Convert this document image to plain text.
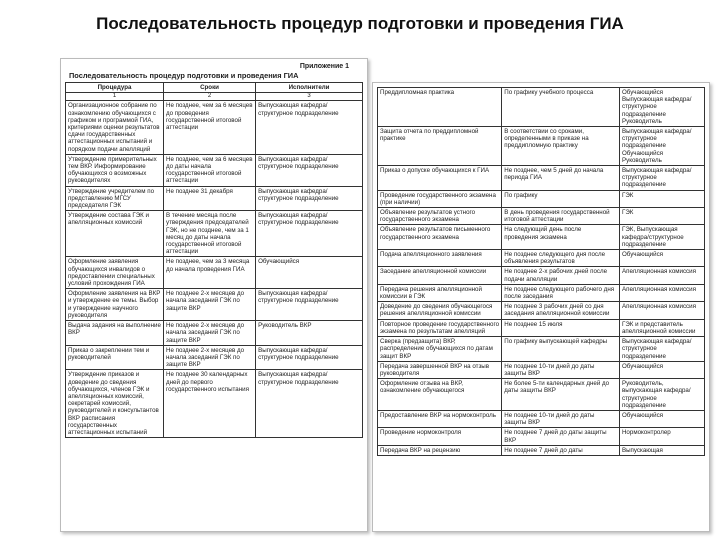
Последовательность процедур подготовки и проведения ГИА
Приложение 1
Последовательность процедур подготовки и проведения ГИА
Процедура	Сроки	Исполнители
1	2	3
Организационное собрание по ознакомлению обучающихся с графиком и программой ГИА, критериями оценки результатов сдачи государственных аттестационных испытаний и порядком подачи апелляций	Не позднее, чем за 6 месяцев до проведения государственной итоговой аттестации	Выпускающая кафедра/структурное подразделение
Утверждение примерительных тем ВКР. Информирование обучающихся о возможных руководителях	Не позднее, чем за 6 месяцев до даты начала государственной итоговой аттестации	Выпускающая кафедра/структурное подразделение
Утверждение учредителем по представлению МГСУ председателя ГЭК	Не позднее 31 декабря	Выпускающая кафедра/структурное подразделение
Утверждение состава ГЭК и апелляционных комиссий	В течение месяца после утверждения председателей ГЭК, но не позднее, чем за 1 месяц до даты начала государственной итоговой аттестации	Выпускающая кафедра/структурное подразделение
Оформление заявления обучающихся инвалидов о предоставлении специальных условий прохождения ГИА	Не позднее, чем за 3 месяца до начала проведения ГИА	Обучающийся
Оформление заявления на ВКР и утверждение ее темы. Выбор и утверждение научного руководителя	Не позднее 2-х месяцев до начала заседаний ГЭК по защите ВКР	Выпускающая кафедра/структурное подразделение
Выдача задания на выполнение ВКР	Не позднее 2-х месяцев до начала заседаний ГЭК по защите ВКР	Руководитель ВКР
Приказ о закреплении тем и руководителей	Не позднее 2-х месяцев до начала заседаний ГЭК по защите ВКР	Выпускающая кафедра/структурное подразделение
Утверждение приказов и доведение до сведения обучающихся, членов ГЭК и апелляционных комиссий, секретарей комиссий, руководителей и консультантов ВКР расписания государственных аттестационных испытаний	Не позднее 30 календарных дней до первого государственного испытания	Выпускающая кафедра/структурное подразделение
Преддипломная практика	По графику учебного процесса	Обучающийся Выпускающая кафедра/структурное подразделение Руководитель
Защита отчета по преддипломной практике	В соответствии со сроками, определенными в приказе на преддипломную практику	Выпускающая кафедра/структурное подразделение Обучающийся Руководитель
Приказ о допуске обучающихся к ГИА	Не позднее, чем 5 дней до начала периода ГИА	Выпускающая кафедра/структурное подразделение
Проведение государственного экзамена (при наличии)	По графику	ГЭК
Объявление результатов устного государственного экзамена	В день проведения государственной итоговой аттестации	ГЭК
Объявление результатов письменного государственного экзамена	На следующий день после проведения экзамена	ГЭК, Выпускающая кафедра/структурное подразделение
Подача апелляционного заявления	Не позднее следующего дня после объявления результатов	Обучающийся
Заседание апелляционной комиссии	Не позднее 2-х рабочих дней после подачи апелляции	Апелляционная комиссия
Передача решения апелляционной комиссии в ГЭК	Не позднее следующего рабочего дня после заседания	Апелляционная комиссия
Доведение до сведения обучающегося решения апелляционной комиссии	Не позднее 3 рабочих дней со дня заседания апелляционной комиссии	Апелляционная комиссия
Повторное проведение государственного экзамена по результатам апелляций	Не позднее 15 июля	ГЭК и представитель апелляционной комиссии
Сверка (предзащита) ВКР, распределение обучающихся по датам защит ВКР	По графику выпускающей кафедры	Выпускающая кафедра/структурное подразделение
Передача завершенной ВКР на отзыв руководителя	Не позднее 10-ти дней до даты защиты ВКР	Обучающийся
Оформление отзыва на ВКР, ознакомление обучающегося	Не более 5-ти календарных дней до даты защиты ВКР	Руководитель, выпускающая кафедра/структурное подразделение
Предоставление ВКР на нормоконтроль	Не позднее 10-ти дней до даты защиты ВКР	Обучающийся
Проведение нормоконтроля	Не позднее 7 дней до даты защиты ВКР	Нормоконтролер
Передача ВКР на рецензию	Не позднее 7 дней до даты	Выпускающая
